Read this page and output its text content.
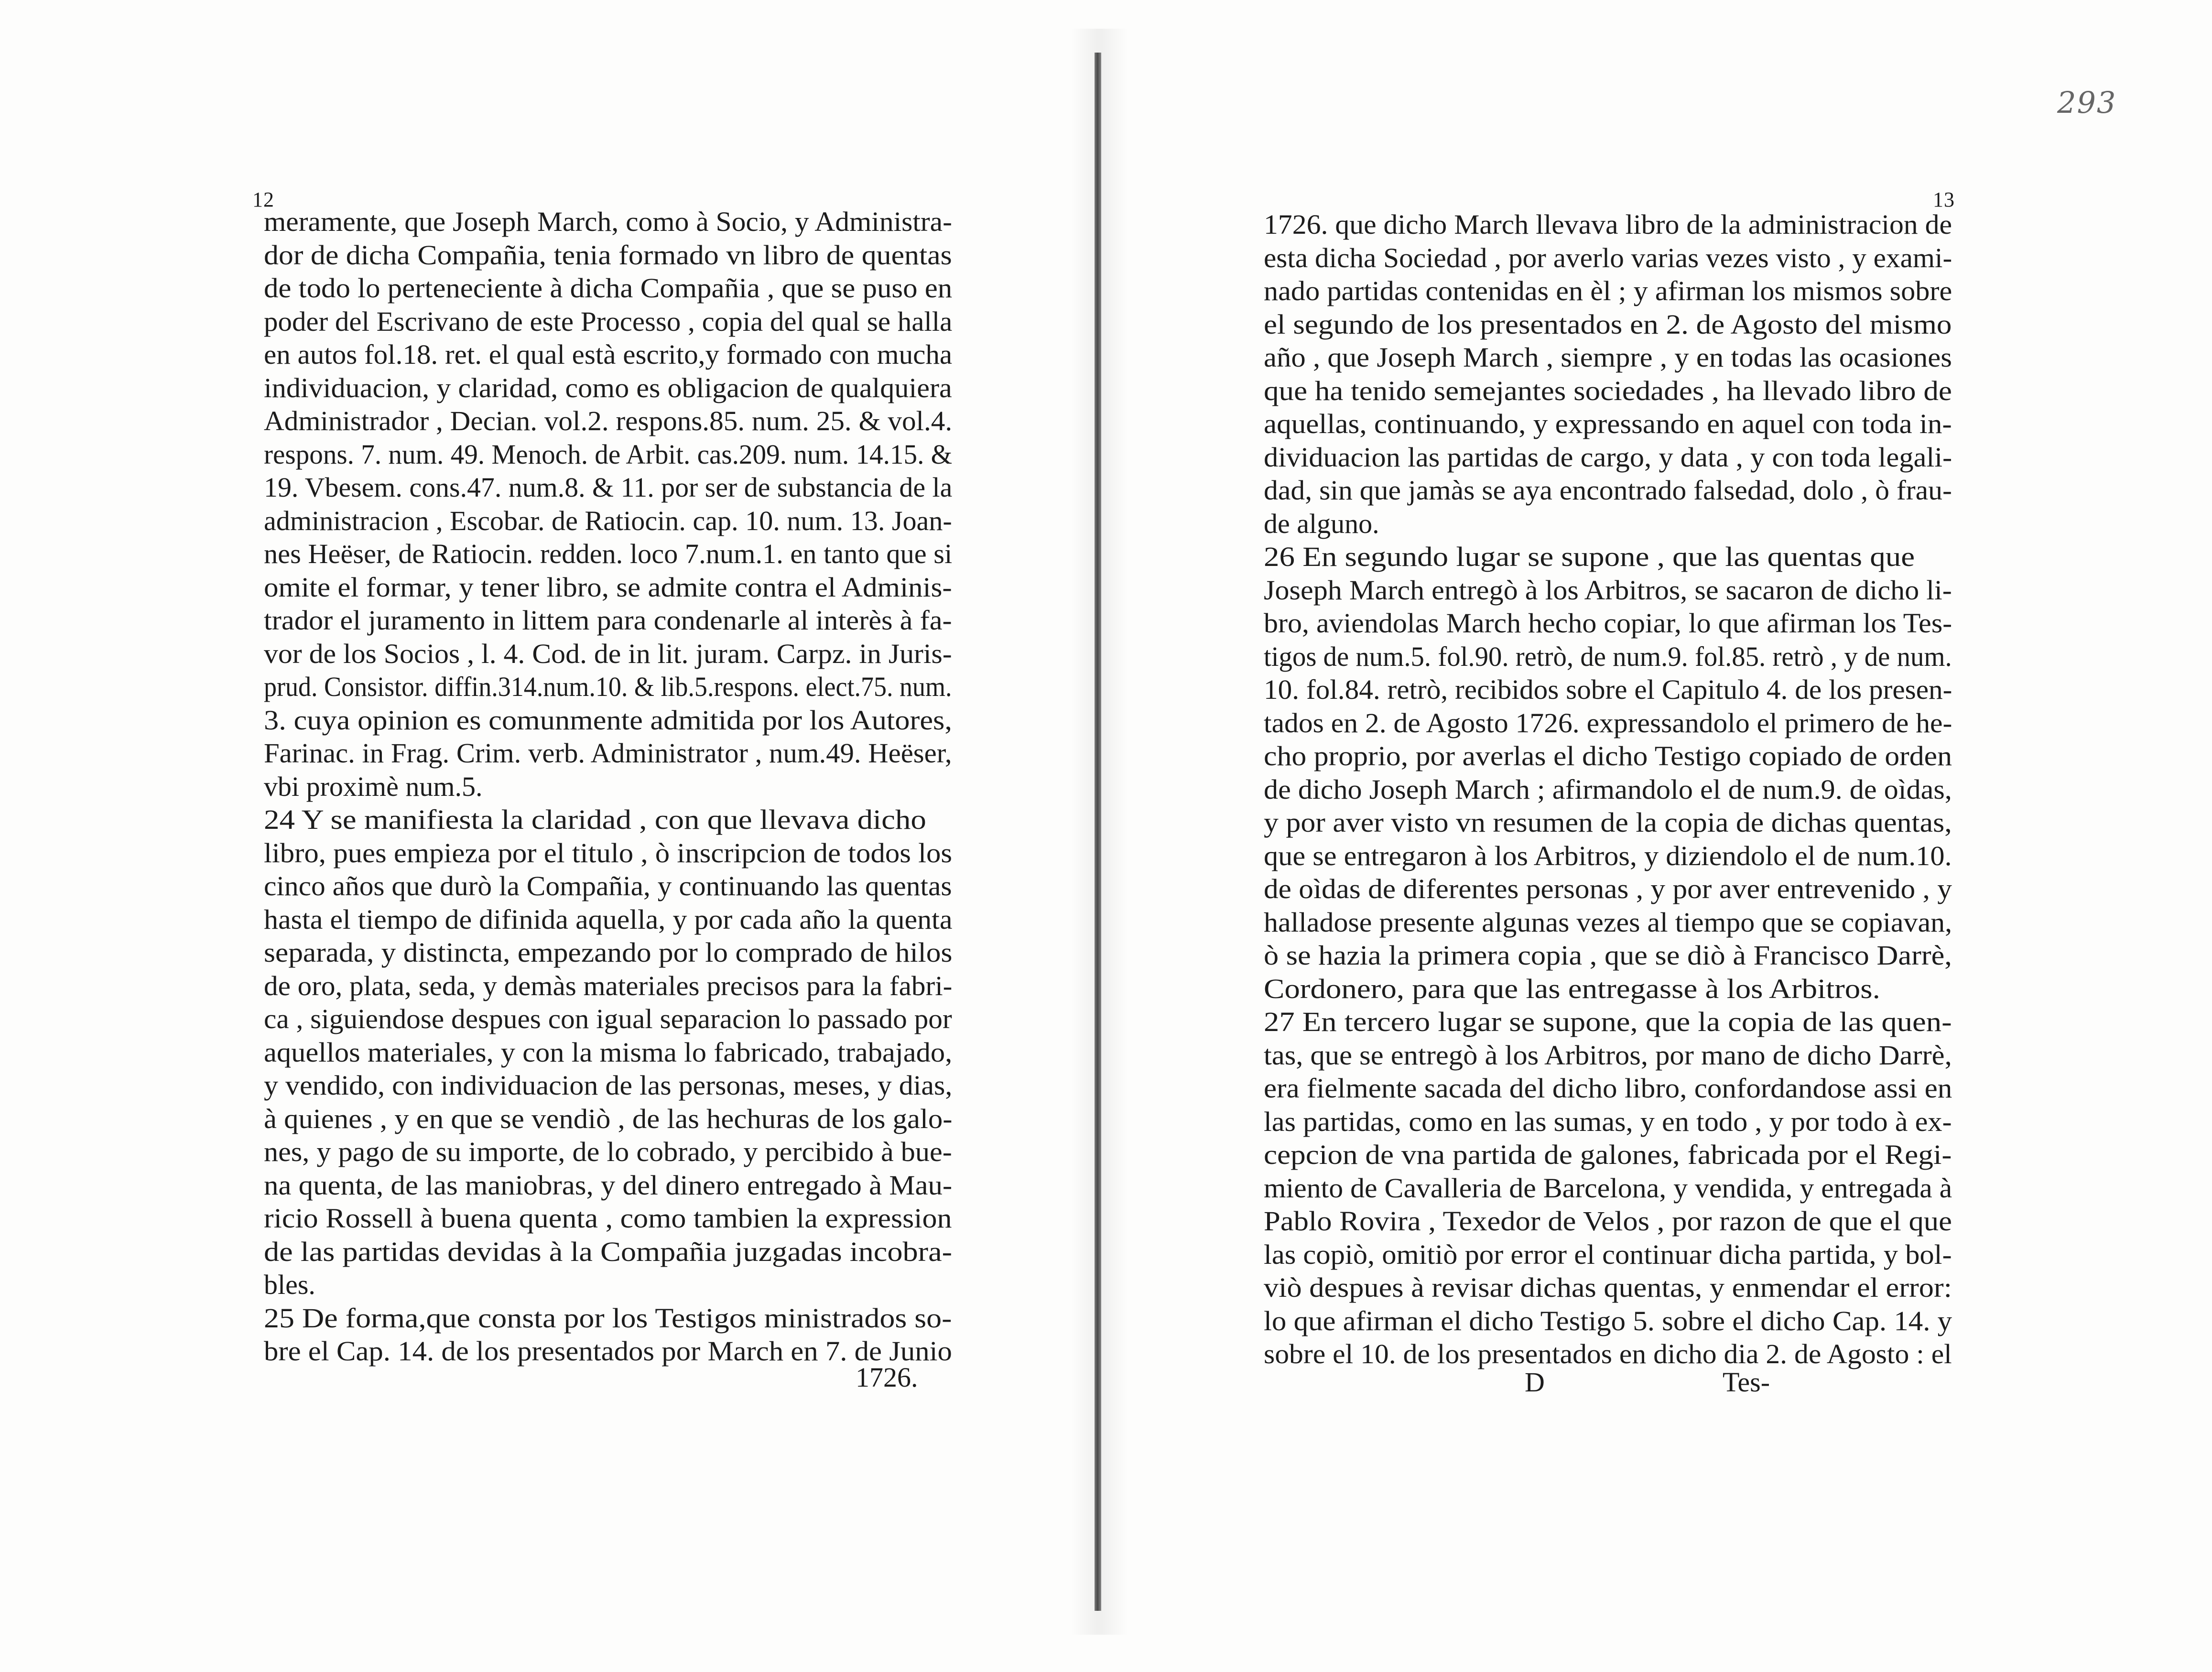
12
meramente, que Joseph March, como à Socio, y Administra-
dor de dicha Compañia, tenia formado vn libro de quentas
de todo lo perteneciente à dicha Compañia , que se puso en
poder del Escrivano de este Processo , copia del qual se halla
en autos fol.18. ret. el qual està escrito,y formado con mucha
individuacion, y claridad, como es obligacion de qualquiera
Administrador , Decian. vol.2. respons.85. num. 25. & vol.4.
respons. 7. num. 49. Menoch. de Arbit. cas.209. num. 14.15. &
19. Vbesem. cons.47. num.8. & 11. por ser de substancia de la
administracion , Escobar. de Ratiocin. cap. 10. num. 13. Joan-
nes Heëser, de Ratiocin. redden. loco 7.num.1. en tanto que si
omite el formar, y tener libro, se admite contra el Adminis-
trador el juramento in littem para condenarle al interès à fa-
vor de los Socios , l. 4. Cod. de in lit. juram. Carpz. in Juris-
prud. Consistor. diffin.314.num.10. & lib.5.respons. elect.75. num.
3. cuya opinion es comunmente admitida por los Autores,
Farinac. in Frag. Crim. verb. Administrator , num.49. Heëser,
vbi proximè num.5.
24 Y se manifiesta la claridad , con que llevava dicho
libro, pues empieza por el titulo , ò inscripcion de todos los
cinco años que durò la Compañia, y continuando las quentas
hasta el tiempo de difinida aquella, y por cada año la quenta
separada, y distincta, empezando por lo comprado de hilos
de oro, plata, seda, y demàs materiales precisos para la fabri-
ca , siguiendose despues con igual separacion lo passado por
aquellos materiales, y con la misma lo fabricado, trabajado,
y vendido, con individuacion de las personas, meses, y dias,
à quienes , y en que se vendiò , de las hechuras de los galo-
nes, y pago de su importe, de lo cobrado, y percibido à bue-
na quenta, de las maniobras, y del dinero entregado à Mau-
ricio Rossell à buena quenta , como tambien la expression
de las partidas devidas à la Compañia juzgadas incobra-
bles.
25 De forma,que consta por los Testigos ministrados so-
bre el Cap. 14. de los presentados por March en 7. de Junio
1726.
293
13
1726. que dicho March llevava libro de la administracion de
esta dicha Sociedad , por averlo varias vezes visto , y exami-
nado partidas contenidas en èl ; y afirman los mismos sobre
el segundo de los presentados en 2. de Agosto del mismo
año , que Joseph March , siempre , y en todas las ocasiones
que ha tenido semejantes sociedades , ha llevado libro de
aquellas, continuando, y expressando en aquel con toda in-
dividuacion las partidas de cargo, y data , y con toda legali-
dad, sin que jamàs se aya encontrado falsedad, dolo , ò frau-
de alguno.
26 En segundo lugar se supone , que las quentas que
Joseph March entregò à los Arbitros, se sacaron de dicho li-
bro, aviendolas March hecho copiar, lo que afirman los Tes-
tigos de num.5. fol.90. retrò, de num.9. fol.85. retrò , y de num.
10. fol.84. retrò, recibidos sobre el Capitulo 4. de los presen-
tados en 2. de Agosto 1726. expressandolo el primero de he-
cho proprio, por averlas el dicho Testigo copiado de orden
de dicho Joseph March ; afirmandolo el de num.9. de oìdas,
y por aver visto vn resumen de la copia de dichas quentas,
que se entregaron à los Arbitros, y diziendolo el de num.10.
de oìdas de diferentes personas , y por aver entrevenido , y
halladose presente algunas vezes al tiempo que se copiavan,
ò se hazia la primera copia , que se diò à Francisco Darrè,
Cordonero, para que las entregasse à los Arbitros.
27 En tercero lugar se supone, que la copia de las quen-
tas, que se entregò à los Arbitros, por mano de dicho Darrè,
era fielmente sacada del dicho libro, confordandose assi en
las partidas, como en las sumas, y en todo , y por todo à ex-
cepcion de vna partida de galones, fabricada por el Regi-
miento de Cavalleria de Barcelona, y vendida, y entregada à
Pablo Rovira , Texedor de Velos , por razon de que el que
las copiò, omitiò por error el continuar dicha partida, y bol-
viò despues à revisar dichas quentas, y enmendar el error:
lo que afirman el dicho Testigo 5. sobre el dicho Cap. 14. y
sobre el 10. de los presentados en dicho dia 2. de Agosto : el
Tes-
D
